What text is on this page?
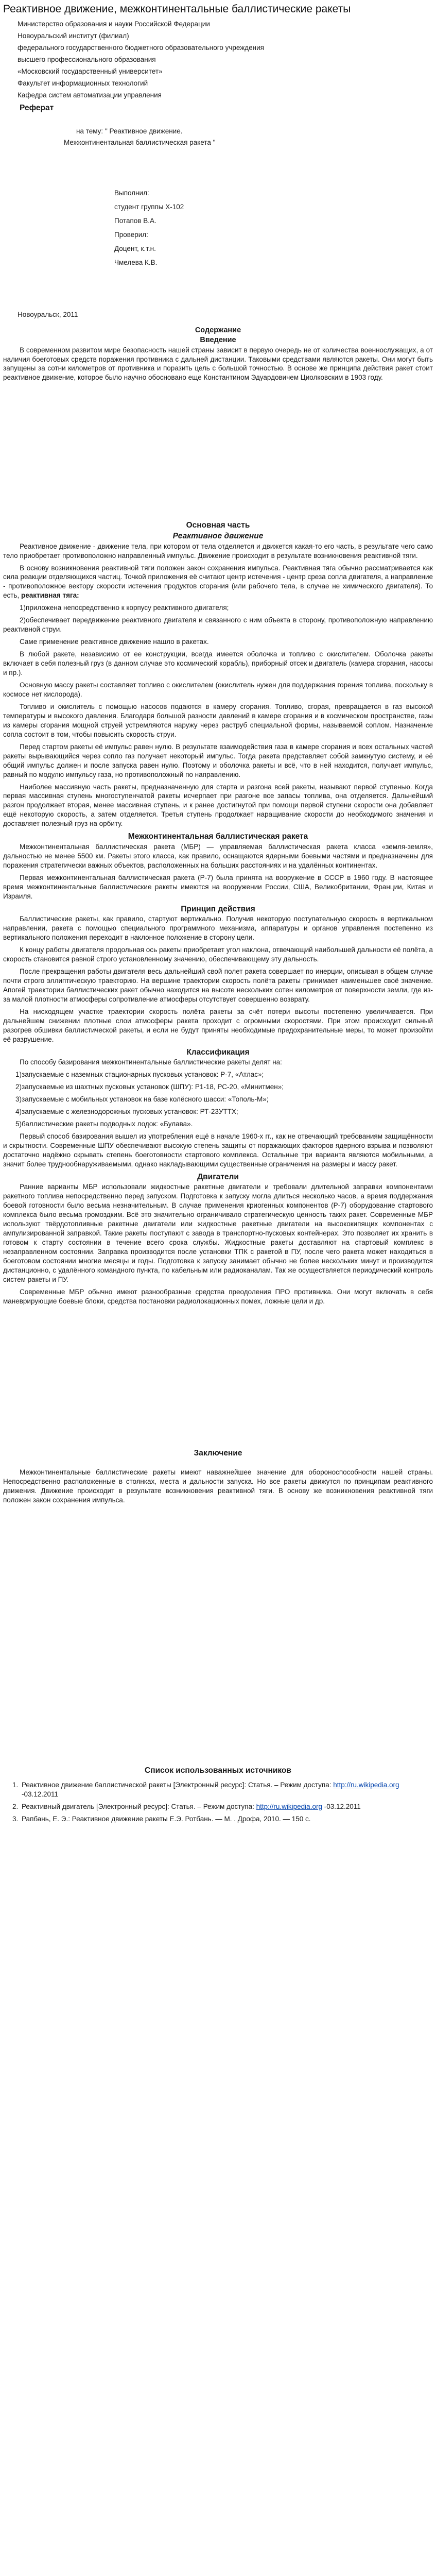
Реактивное движение, межконтинентальные баллистические ракеты
Министерство образования и науки Российской Федерации
Новоуральский институт (филиал)
федерального государственного бюджетного образовательного учреждения
высшего профессионального образования
«Московский государственный университет»
Факультет информационных технологий
Кафедра систем автоматизации управления
Реферат
на тему: " Реактивное движение.
Межконтинентальная баллистическая ракета "

Выполнил:

студент группы Х-102

Потапов В.А.

Проверил:

Доцент, к.т.н.

Чмелева К.В.

Новоуральск, 2011
Содержание
Введение

В современном развитом мире безопасность нашей страны зависит в первую очередь не от количества военнослужащих, а от наличия боеготовых средств поражения противника с дальней дистанции. Таковыми средствами являются ракеты. Они могут быть запущены за сотни километров от противника и поразить цель с большой точностью. В основе же принципа действия ракет стоит реактивное движение, которое было научно обосновано еще Константином Эдуардовичем Циолковским в 1903 году.

Основная часть
Реактивное движение

Реактивное движение - движение тела, при котором от тела отделяется и движется какая-то его часть, в результате чего само тело приобретает противоположно направленный импульс. Движение происходит в результате возникновения реактивной тяги.

В основу возникновения реактивной тяги положен закон сохранения импульса. Реактивная тяга обычно рассматривается как сила реакции отделяющихся частиц. Точкой приложения её считают центр истечения - центр среза сопла двигателя, а направление - противоположное вектору скорости истечения продуктов сгорания (или рабочего тела, в случае не химического двигателя). То есть, реактивная тяга:

1)приложена непосредственно к корпусу реактивного двигателя;

2)обеспечивает передвижение реактивного двигателя и связанного с ним объекта в сторону, противоположную направлению реактивной струи.

Саме применение реактивное движение нашло в ракетах.

В любой ракете, независимо от ее конструкции, всегда имеется оболочка и топливо с окислителем. Оболочка ракеты включает в себя полезный груз (в данном случае это космический корабль), приборный отсек и двигатель (камера сгорания, насосы и пр.).

Основную массу ракеты составляет топливо с окислителем (окислитель нужен для поддержания горения топлива, поскольку в космосе нет кислорода).

Топливо и окислитель с помощью насосов подаются в камеру сгорания. Топливо, сгорая, превращается в газ высокой температуры и высокого давления. Благодаря большой разности давлений в камере сгорания и в космическом пространстве, газы из камеры сгорания мощной струей устремляются наружу через раструб специальной формы, называемой соплом. Назначение сопла состоит в том, чтобы повысить скорость струи.

Перед стартом ракеты её импульс равен нулю. В результате взаимодействия газа в камере сгорания и всех остальных частей ракеты вырывающийся через сопло газ получает некоторый импульс. Тогда ракета представляет собой замкнутую систему, и её общий импульс должен и после запуска равен нулю. Поэтому и оболочка ракеты и всё, что в ней находится, получает импульс, равный по модулю импульсу газа, но противоположный по направлению.

Наиболее массивную часть ракеты, предназначенную для старта и разгона всей ракеты, называют первой ступенью. Когда первая массивная ступень многоступенчатой ракеты исчерпает при разгоне все запасы топлива, она отделяется. Дальнейший разгон продолжает вторая, менее массивная ступень, и к ранее достигнутой при помощи первой ступени скорости она добавляет ещё некоторую скорость, а затем отделяется. Третья ступень продолжает наращивание скорости до необходимого значения и доставляет полезный груз на орбиту.

Межконтинентальная баллистическая ракета

Межконтинентальная баллистическая ракета (МБР) — управляемая баллистическая ракета класса «земля-земля», дальностью не менее 5500 км. Ракеты этого класса, как правило, оснащаются ядерными боевыми частями и предназначены для поражения стратегически важных объектов, расположенных на больших расстояниях и на удалённых континентах.

Первая межконтинентальная баллистическая ракета (Р-7) была принята на вооружение в СССР в 1960 году. В настоящее время межконтинентальные баллистические ракеты имеются на вооружении России, США, Великобритании, Франции, Китая и Израиля.

Принцип действия

Баллистические ракеты, как правило, стартуют вертикально. Получив некоторую поступательную скорость в вертикальном направлении, ракета с помощью специального программного механизма, аппаратуры и органов управления постепенно из вертикального положения переходит в наклонное положение в сторону цели.

К концу работы двигателя продольная ось ракеты приобретает угол наклона, отвечающий наибольшей дальности её полёта, а скорость становится равной строго установленному значению, обеспечивающему эту дальность.

После прекращения работы двигателя весь дальнейший свой полет ракета совершает по инерции, описывая в общем случае почти строго эллиптическую траекторию. На вершине траектории скорость полёта ракеты принимает наименьшее своё значение. Апогей траектории баллистических ракет обычно находится на высоте нескольких сотен километров от поверхности земли, где из-за малой плотности атмосферы сопротивление атмосферы отсутствует совершенно возврату.

На нисходящем участке траектории скорость полёта ракеты за счёт потери высоты постепенно увеличивается. При дальнейшем снижении плотные слои атмосферы ракета проходит с огромными скоростями. При этом происходит сильный разогрев обшивки баллистической ракеты, и если не будут приняты необходимые предохранительные меры, то может произойти её разрушение.

Классификация

По способу базирования межконтинентальные баллистические ракеты делят на:

1)запускаемые с наземных стационарных пусковых установок: Р-7, «Атлас»;
2)запускаемые из шахтных пусковых установок (ШПУ): Р1-18, РС-20, «Минитмен»;
3)запускаемые с мобильных установок на базе колёсного шасси: «Тополь-М»;
4)запускаемые с железнодорожных пусковых установок: РТ-23УТТХ;
5)баллистические ракеты подводных лодок: «Булава».

Первый способ базирования вышел из употребления ещё в начале 1960-х гг., как не отвечающий требованиям защищённости и скрытности. Современные ШПУ обеспечивают высокую степень защиты от поражающих факторов ядерного взрыва и позволяют достаточно надёжно скрывать степень боеготовности стартового комплекса. Остальные три варианта являются мобильными, а значит более труднообнаруживаемыми, однако накладывающими существенные ограничения на размеры и массу ракет.

Двигатели

Ранние варианты МБР использовали жидкостные ракетные двигатели и требовали длительной заправки компонентами ракетного топлива непосредственно перед запуском. Подготовка к запуску могла длиться несколько часов, а время поддержания боевой готовности было весьма незначительным. В случае применения криогенных компонентов (Р-7) оборудование стартового комплекса было весьма громоздким. Всё это значительно ограничивало стратегическую ценность таких ракет. Современные МБР используют твёрдотопливные ракетные двигатели или жидкостные ракетные двигатели на высококипящих компонентах с ампулизированной заправкой. Такие ракеты поступают с завода в транспортно-пусковых контейнерах. Это позволяет их хранить в готовом к старту состоянии в течение всего срока службы. Жидкостные ракеты доставляют на стартовый комплекс в незаправленном состоянии. Заправка производится после установки ТПК с ракетой в ПУ, после чего ракета может находиться в боеготовом состоянии многие месяцы и годы. Подготовка к запуску занимает обычно не более нескольких минут и производится дистанционно, с удалённого командного пункта, по кабельным или радиоканалам. Так же осуществляется периодический контроль систем ракеты и ПУ.

Современные МБР обычно имеют разнообразные средства преодоления ПРО противника. Они могут включать в себя маневрирующие боевые блоки, средства постановки радиолокационных помех, ложные цели и др.

Заключение

Межконтинентальные баллистические ракеты имеют наважнейшее значение для обороноспособности нашей страны. Непосредственно расположенные в стоянках, места и дальности запуска. Но все ракеты движутся по принципам реактивного движения. Движение происходит в результате возникновения реактивной тяги. В основу же возникновения реактивной тяги положен закон сохранения импульса.

Список использованных источников
1. Реактивное движение баллистической ракеты [Электронный ресурс]: Статья. – Режим доступа: http://ru.wikipedia.org -03.12.2011
2. Реактивный двигатель [Электронный ресурс]: Статья. – Режим доступа: http://ru.wikipedia.org -03.12.2011
3. Рапбань, Е. Э.: Реактивное движение ракеты Е.Э. Ротбань. — М. . Дрофа, 2010. — 150 с.
